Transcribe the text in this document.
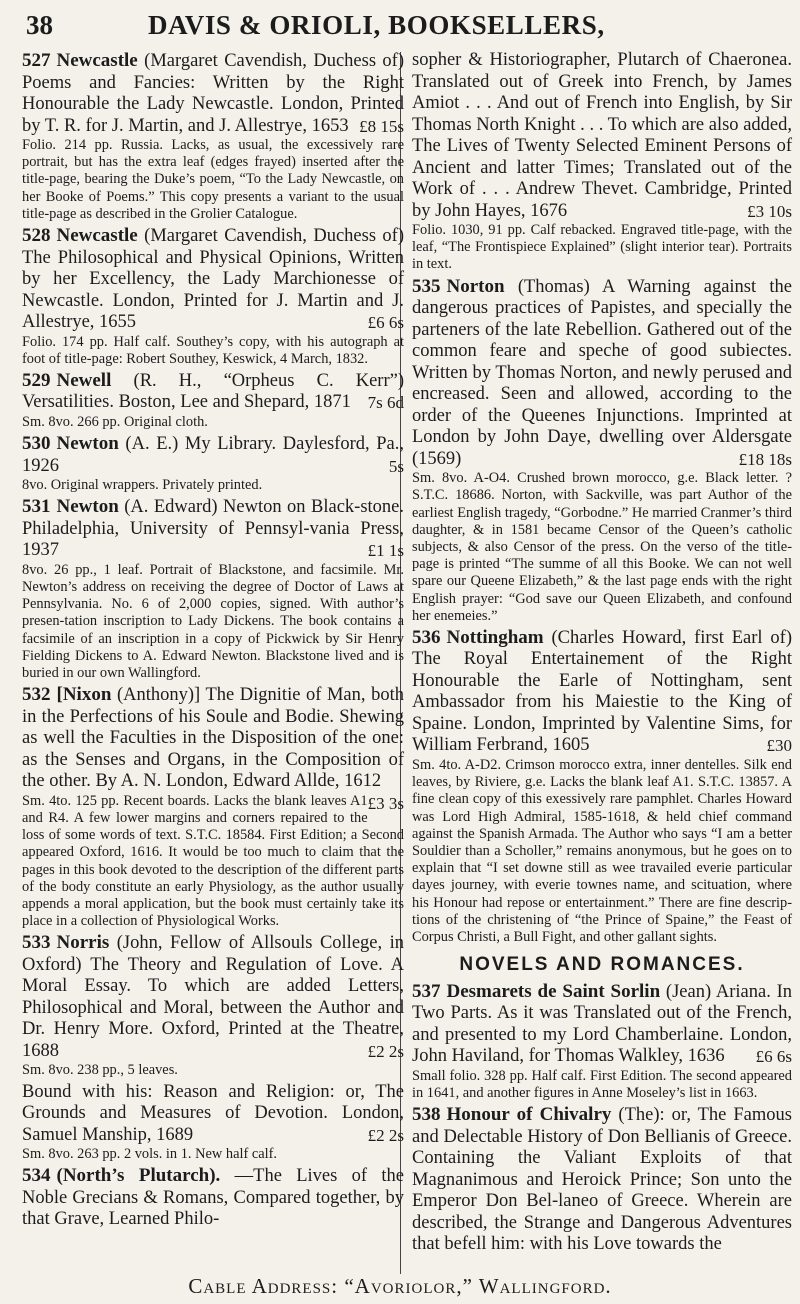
38	DAVIS & ORIOLI, BOOKSELLERS,
527 Newcastle (Margaret Cavendish, Duchess of) Poems and Fancies: Written by the Right Honourable the Lady Newcastle. London, Printed by T. R. for J. Martin, and J. Allestrye, 1653 £8 15s
Folio. 214 pp. Russia. Lacks, as usual, the excessively rare portrait, but has the extra leaf (edges frayed) inserted after the title-page, bearing the Duke’s poem, “To the Lady Newcastle, on her Booke of Poems.” This copy presents a variant to the usual title-page as described in the Grolier Catalogue.
528 Newcastle (Margaret Cavendish, Duchess of) The Philosophical and Physical Opinions, Written by her Excellency, the Lady Marchionesse of Newcastle. London, Printed for J. Martin and J. Allestrye, 1655	£6 6s
Folio. 174 pp. Half calf. Southey’s copy, with his autograph at foot of title-page: Robert Southey, Keswick, 4 March, 1832.
529 Newell (R. H., “Orpheus C. Kerr”) Versatilities. Boston, Lee and Shepard, 1871 7s 6d
Sm. 8vo. 266 pp. Original cloth.
530 Newton (A. E.) My Library. Daylesford, Pa., 1926	5s
8vo. Original wrappers. Privately printed.
531 Newton (A. Edward) Newton on Black-stone. Philadelphia, University of Pennsyl-vania Press, 1937	£1 1s
8vo. 26 pp., 1 leaf. Portrait of Blackstone, and facsimile. Mr. Newton’s address on receiving the degree of Doctor of Laws at Pennsylvania. No. 6 of 2,000 copies, signed. With author’s presen-tation inscription to Lady Dickens. The book contains a facsimile of an inscription in a copy of Pickwick by Sir Henry Fielding Dickens to A. Edward Newton. Blackstone lived and is buried in our own Wallingford.
532 [Nixon (Anthony)] The Dignitie of Man, both in the Perfections of his Soule and Bodie. Shewing as well the Faculties in the Disposition of the one: as the Senses and Organs, in the Composition of the other. By A. N. London, Edward Allde, 1612
£3 3s
Sm. 4to. 125 pp. Recent boards. Lacks the blank leaves A1 and R4. A few lower margins and corners repaired to the loss of some words of text. S.T.C. 18584. First Edition; a Second appeared Oxford, 1616. It would be too much to claim that the pages in this book devoted to the description of the different parts of the body constitute an early Physiology, as the author usually appends a moral application, but the book must certainly take its place in a collection of Physiological Works.
533 Norris (John, Fellow of Allsouls College, in Oxford) The Theory and Regulation of Love. A Moral Essay. To which are added Letters, Philosophical and Moral, between the Author and Dr. Henry More. Oxford, Printed at the Theatre, 1688	£2 2s
Sm. 8vo. 238 pp., 5 leaves.
Bound with his: Reason and Religion: or, The Grounds and Measures of Devotion. London, Samuel Manship, 1689	£2 2s
Sm. 8vo. 263 pp. 2 vols. in 1. New half calf.
534 (North’s Plutarch). —The Lives of the Noble Grecians & Romans, Compared together, by that Grave, Learned Philo-
sopher & Historiographer, Plutarch of Chaeronea. Translated out of Greek into French, by James Amiot . . . And out of French into English, by Sir Thomas North Knight . . . To which are also added, The Lives of Twenty Selected Eminent Persons of Ancient and latter Times; Translated out of the Work of . . . Andrew Thevet. Cambridge, Printed by John Hayes, 1676	£3 10s
Folio. 1030, 91 pp. Calf rebacked. Engraved title-page, with the leaf, “The Frontispiece Explained” (slight interior tear). Portraits in text.
535 Norton (Thomas) A Warning against the dangerous practices of Papistes, and specially the parteners of the late Rebellion. Gathered out of the common feare and speche of good subiectes. Written by Thomas Norton, and newly perused and encreased. Seen and allowed, according to the order of the Queenes Injunctions. Imprinted at London by John Daye, dwelling over Aldersgate (1569)	£18 18s
Sm. 8vo. A-O4. Crushed brown morocco, g.e. Black letter. ? S.T.C. 18686. Norton, with Sackville, was part Author of the earliest English tragedy, “Gorbodne.” He married Cranmer’s third daughter, & in 1581 became Censor of the Queen’s catholic subjects, & also Censor of the press. On the verso of the title-page is printed “The summe of all this Booke. We can not well spare our Queene Elizabeth,” & the last page ends with the right English prayer: “God save our Queen Elizabeth, and confound her enemeies.”
536 Nottingham (Charles Howard, first Earl of) The Royal Entertainement of the Right Honourable the Earle of Nottingham, sent Ambassador from his Maiestie to the King of Spaine. London, Imprinted by Valentine Sims, for William Ferbrand, 1605	£30
Sm. 4to. A-D2. Crimson morocco extra, inner dentelles. Silk end leaves, by Riviere, g.e. Lacks the blank leaf A1. S.T.C. 13857. A fine clean copy of this exessively rare pamphlet. Charles Howard was Lord High Admiral, 1585-1618, & held chief command against the Spanish Armada. The Author who says “I am a better Souldier than a Scholler,” remains anonymous, but he goes on to explain that “I set downe still as wee travailed everie particular dayes journey, with everie townes name, and scituation, where his Honour had repose or entertainment.” There are fine descrip-tions of the christening of “the Prince of Spaine,” the Feast of Corpus Christi, a Bull Fight, and other gallant sights.
NOVELS AND ROMANCES.
537 Desmarets de Saint Sorlin (Jean) Ariana. In Two Parts. As it was Translated out of the French, and presented to my Lord Chamberlaine. London, John Haviland, for Thomas Walkley, 1636 £6 6s
Small folio. 328 pp. Half calf. First Edition. The second appeared in 1641, and another figures in Anne Moseley’s list in 1663.
538 Honour of Chivalry (The): or, The Famous and Delectable History of Don Bellianis of Greece. Containing the Valiant Exploits of that Magnanimous and Heroick Prince; Son unto the Emperor Don Bel-laneo of Greece. Wherein are described, the Strange and Dangerous Adventures that befell him: with his Love towards the
Cable Address: “Avoriolor,” Wallingford.
